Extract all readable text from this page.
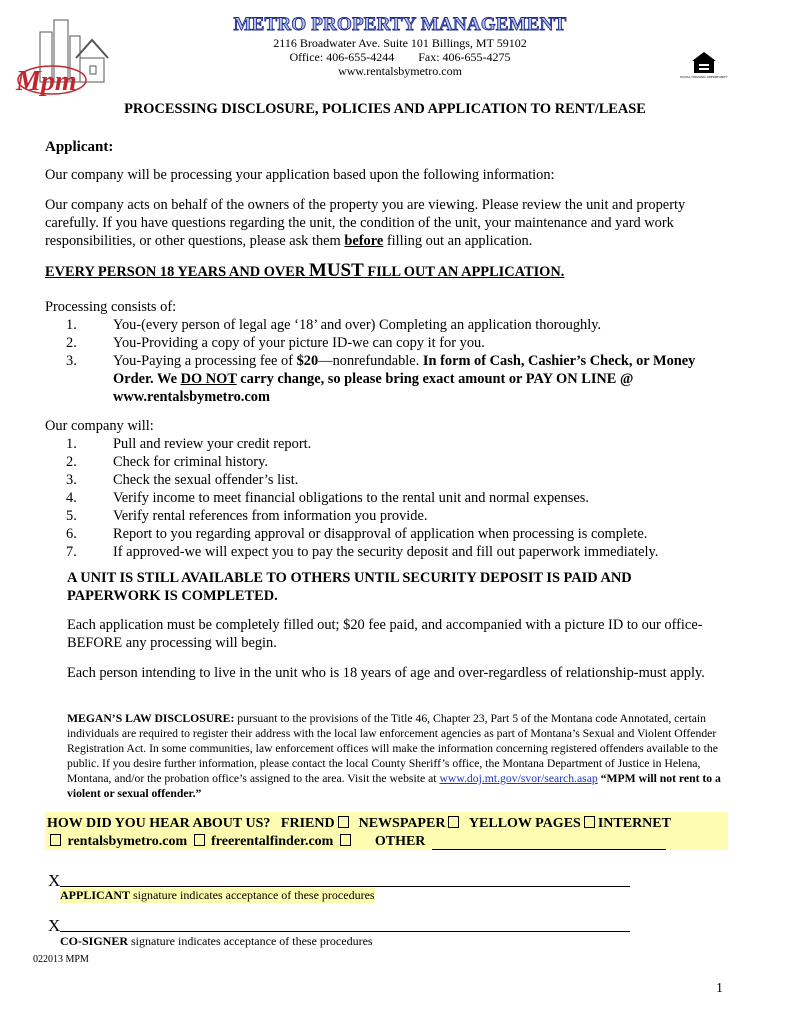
Mpm
METRO PROPERTY MANAGEMENT
2116 Broadwater Ave. Suite 101 Billings, MT 59102
Office: 406-655-4244        Fax: 406-655-4275
www.rentalsbymetro.com	EQUAL HOUSING OPPORTUNITY
PROCESSING DISCLOSURE, POLICIES AND APPLICATION TO RENT/LEASE
Applicant:
Our company will be processing your application based upon the following information:
Our company acts on behalf of the owners of the property you are viewing. Please review the unit and property carefully. If you have questions regarding the unit, the condition of the unit, your maintenance and yard work responsibilities, or other questions, please ask them before filling out an application.
EVERY PERSON 18 YEARS AND OVER MUST FILL OUT AN APPLICATION.
Processing consists of:
1.	You-(every person of legal age ‘18’ and over) Completing an application thoroughly.
2.	You-Providing a copy of your picture ID-we can copy it for you.
3.	You-Paying a processing fee of $20—nonrefundable. In form of Cash, Cashier’s Check, or Money Order. We DO NOT carry change, so please bring exact amount or PAY ON LINE @ www.rentalsbymetro.com
Our company will:
1.	Pull and review your credit report.
2.	Check for criminal history.
3.	Check the sexual offender’s list.
4.	Verify income to meet financial obligations to the rental unit and normal expenses.
5.	Verify rental references from information you provide.
6.	Report to you regarding approval or disapproval of application when processing is complete.
7.	If approved-we will expect you to pay the security deposit and fill out paperwork immediately.
A UNIT IS STILL AVAILABLE TO OTHERS UNTIL SECURITY DEPOSIT IS PAID AND PAPERWORK IS COMPLETED.
Each application must be completely filled out; $20 fee paid, and accompanied with a picture ID to our office-BEFORE any processing will begin.
Each person intending to live in the unit who is 18 years of age and over-regardless of relationship-must apply.
MEGAN’S LAW DISCLOSURE: pursuant to the provisions of the Title 46, Chapter 23, Part 5 of the Montana code Annotated, certain individuals are required to register their address with the local law enforcement agencies as part of Montana’s Sexual and Violent Offender Registration Act. In some communities, law enforcement offices will make the information concerning registered offenders available to the public. If you desire further information, please contact the local County Sheriff’s office, the Montana Department of Justice in Helena, Montana, and/or the probation office’s assigned to the area. Visit the website at www.doj.mt.gov/svor/search.asap “MPM will not rent to a violent or sexual offender.”
HOW DID YOU HEAR ABOUT US? FRIEND NEWSPAPER YELLOW PAGES INTERNET
rentalsbymetro.com freerentalfinder.com	OTHER
X
APPLICANT signature indicates acceptance of these procedures
X
CO-SIGNER signature indicates acceptance of these procedures
022013 MPM
1
